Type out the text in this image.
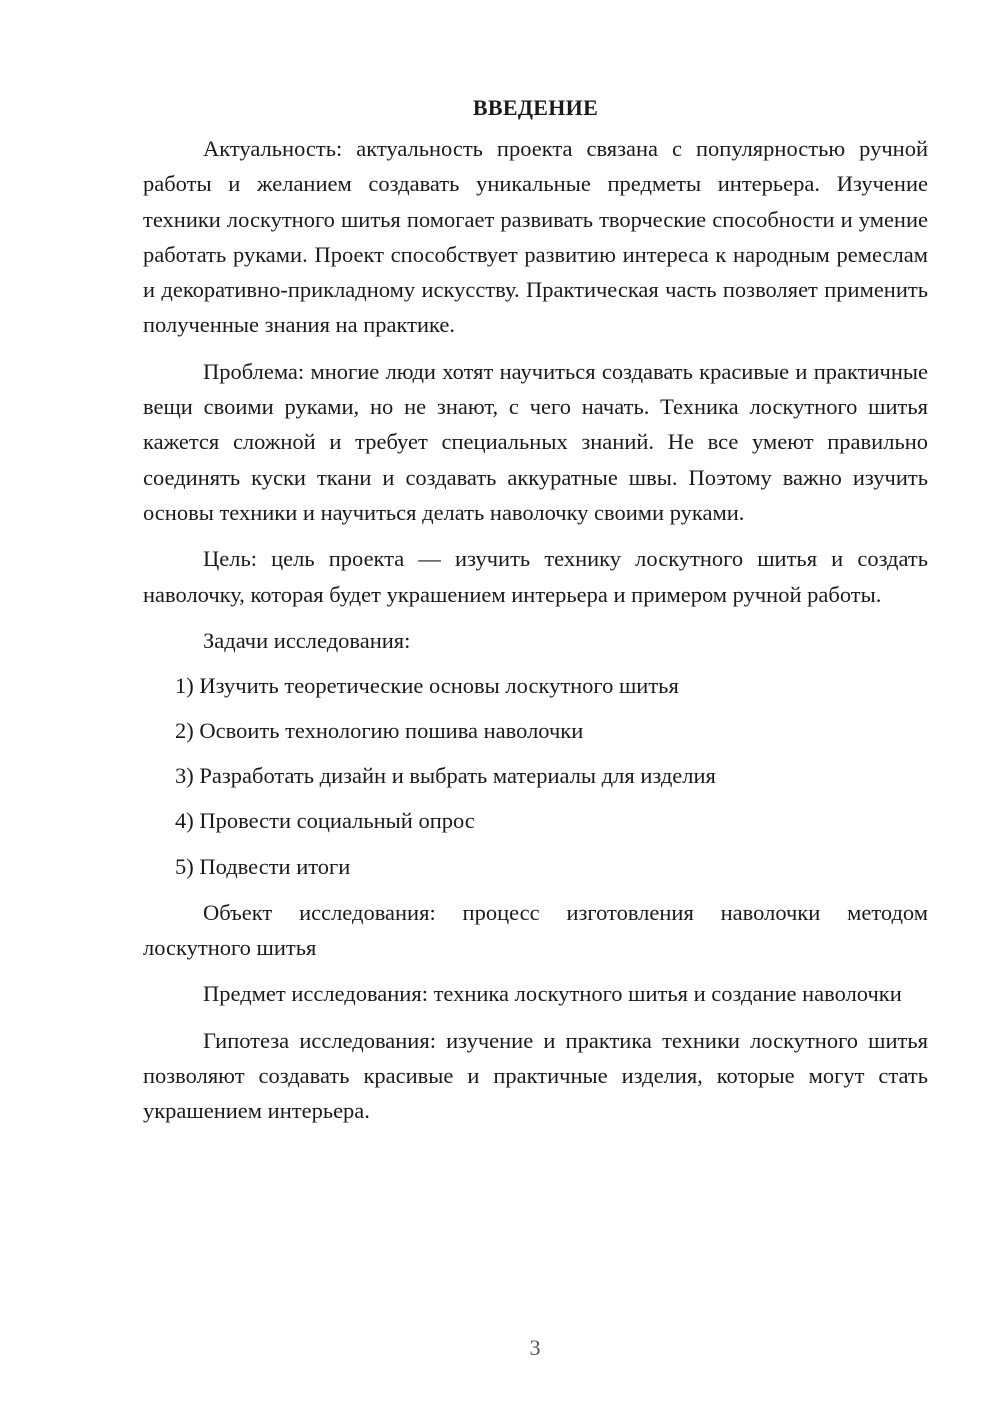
ВВЕДЕНИЕ

Актуальность: актуальность проекта связана с популярностью ручной работы и желанием создавать уникальные предметы интерьера. Изучение техники лоскутного шитья помогает развивать творческие способности и умение работать руками. Проект способствует развитию интереса к народным ремеслам и декоративно-прикладному искусству. Практическая часть позволяет применить полученные знания на практике.

Проблема: многие люди хотят научиться создавать красивые и практичные вещи своими руками, но не знают, с чего начать. Техника лоскутного шитья кажется сложной и требует специальных знаний. Не все умеют правильно соединять куски ткани и создавать аккуратные швы. Поэтому важно изучить основы техники и научиться делать наволочку своими руками.

Цель: цель проекта — изучить технику лоскутного шитья и создать наволочку, которая будет украшением интерьера и примером ручной работы.

Задачи исследования:

1) Изучить теоретические основы лоскутного шитья
2) Освоить технологию пошива наволочки
3) Разработать дизайн и выбрать материалы для изделия
4) Провести социальный опрос
5) Подвести итоги

Объект исследования: процесс изготовления наволочки методом лоскутного шитья

Предмет исследования: техника лоскутного шитья и создание наволочки

Гипотеза исследования: изучение и практика техники лоскутного шитья позволяют создавать красивые и практичные изделия, которые могут стать украшением интерьера.

3
